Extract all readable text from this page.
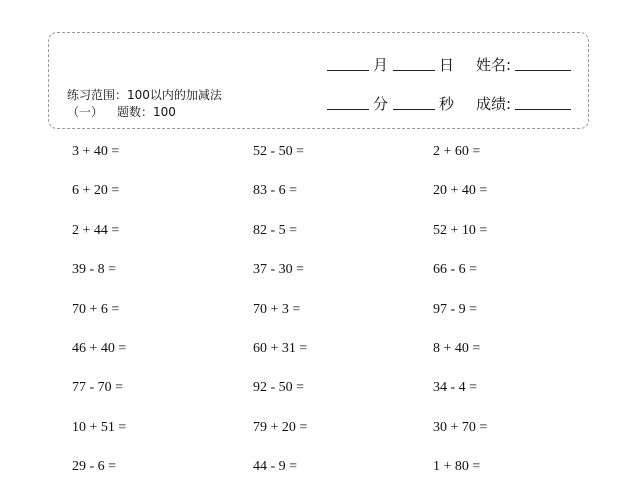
练习范围：100以内的加减法
（一） 题数：100
月	日 姓名:
分	秒 成绩:
3 + 40 =
6 + 20 =
2 + 44 =
39 - 8 =
70 + 6 =
46 + 40 =
77 - 70 =
10 + 51 =
29 - 6 =
52 - 50 =
83 - 6 =
82 - 5 =
37 - 30 =
70 + 3 =
60 + 31 =
92 - 50 =
79 + 20 =
44 - 9 =
2 + 60 =
20 + 40 =
52 + 10 =
66 - 6 =
97 - 9 =
8 + 40 =
34 - 4 =
30 + 70 =
1 + 80 =
